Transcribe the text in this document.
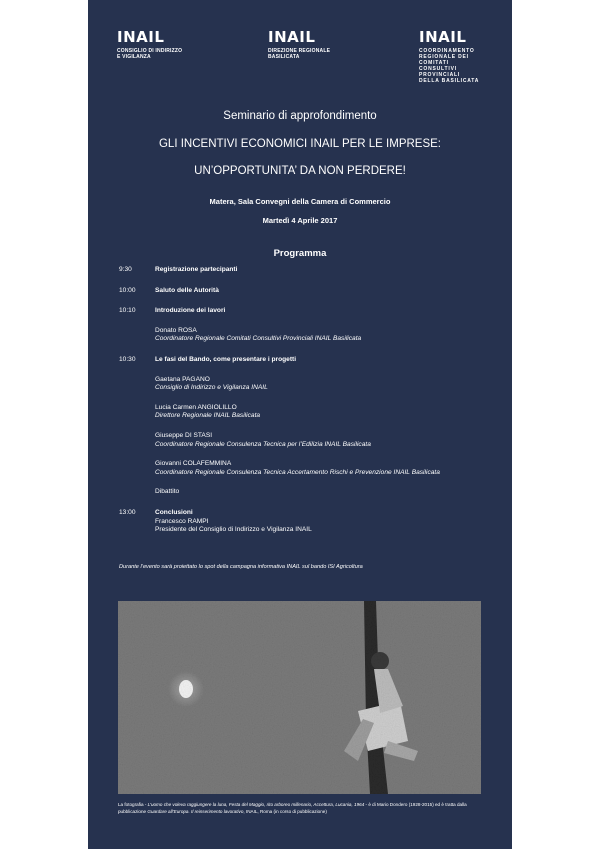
INAIL
CONSIGLIO DI INDIRIZZO
E VIGILANZA
INAIL
DIREZIONE REGIONALE
BASILICATA
INAIL
COORDINAMENTO
REGIONALE DEI
COMITATI
CONSULTIVI
PROVINCIALI
DELLA BASILICATA
Seminario di approfondimento
GLI INCENTIVI ECONOMICI INAIL PER LE IMPRESE:
UN’OPPORTUNITA’ DA NON PERDERE!
Matera, Sala Convegni della Camera di Commercio
Martedì 4 Aprile 2017
Programma
9:30	Registrazione partecipanti
10:00	Saluto delle Autorità
10:10	Introduzione dei lavori
Donato ROSA
Coordinatore Regionale Comitati Consultivi Provinciali INAIL Basilicata
10:30	Le fasi del Bando, come presentare i progetti
Gaetana PAGANO
Consiglio di Indirizzo e Vigilanza INAIL
Lucia Carmen ANGIOLILLO
Direttore Regionale INAIL Basilicata
Giuseppe DI STASI
Coordinatore Regionale Consulenza Tecnica per l’Edilizia INAIL Basilicata
Giovanni COLAFEMMINA
Coordinatore Regionale Consulenza Tecnica Accertamento Rischi e Prevenzione INAIL Basilicata
Dibattito
13:00	Conclusioni
Francesco RAMPI
Presidente del Consiglio di Indirizzo e Vigilanza INAIL
Durante l’evento sarà proiettato lo spot della campagna informativa INAIL sul bando ISI Agricoltura
La fotografia - L’uomo che voleva raggiungere la luna, Festa del Maggio, rito arboreo millenario, Accettura, Lucania, 1964 - è di Mario Dondero (1928-2015) ed è tratta dalla pubblicazione Guardare all’Europa. Il reinserimento lavorativo, INAIL, Roma (in corso di pubblicazione)
